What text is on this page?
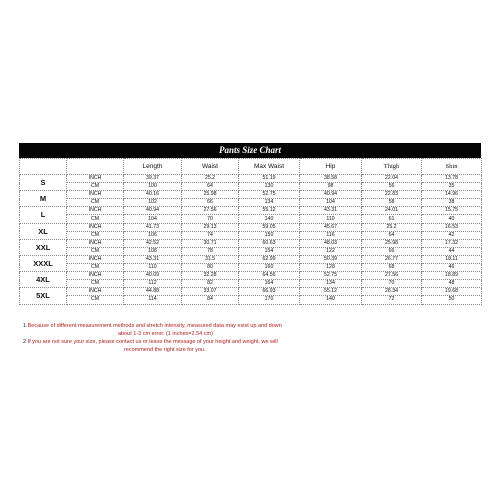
Pants Size Chart
		Length	Waist	Max Waist	Hip	Thigh	Shin
S	INCH	39.37	25.2	51.19	38.58	22.04	13.78
	CM	100	64	130	98	56	35
M	INCH	40.16	25.98	52.75	40.94	22.83	14.96
	CM	102	66	134	104	58	38
L	INCH	40.94	27.56	55.12	43.31	24.01	15.75
	CM	104	70	140	110	61	40
XL	INCH	41.73	29.13	59.05	45.67	25.2	16.53
	CM	106	74	150	116	64	42
XXL	INCH	42.52	30.71	60.63	48.03	25.98	17.32
	CM	108	78	154	122	66	44
XXXL	INCH	43.31	31.5	62.99	50.39	26.77	18.11
	CM	110	80	160	128	68	46
4XL	INCH	40.09	32.28	64.56	52.75	27.56	18.89
	CM	112	82	164	134	70	48
5XL	INCH	44.88	33.07	66.93	55.12	28.34	19.68
	CM	114	84	170	140	72	50
1.Because of different measurement methods and stretch intensity, measured data may exist up and down
about 1-3 cm error. (1 inches=2.54 cm)
2 If you are not sure your size, please contact us or leave the message of your height and weight, we will
recommend the right size for you.
